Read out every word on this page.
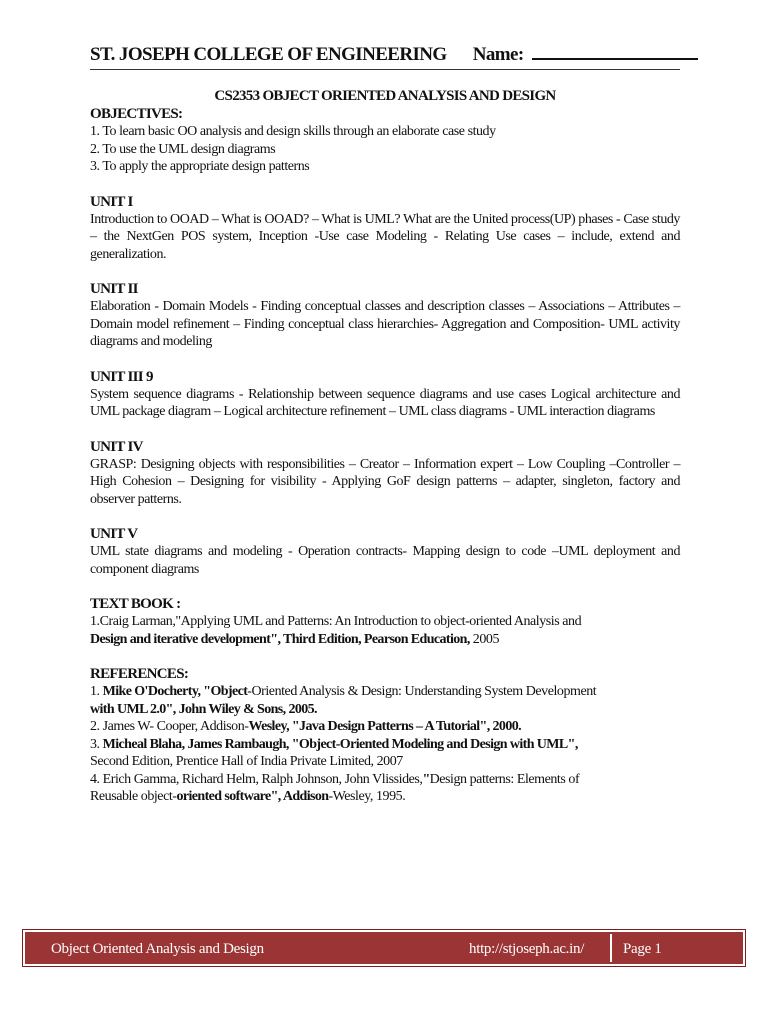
ST. JOSEPH COLLEGE OF ENGINEERING Name:
CS2353 OBJECT ORIENTED ANALYSIS AND DESIGN
OBJECTIVES:
1. To learn basic OO analysis and design skills through an elaborate case study
2. To use the UML design diagrams
3. To apply the appropriate design patterns
UNIT I
Introduction to OOAD – What is OOAD? – What is UML? What are the United process(UP) phases - Case study – the NextGen POS system, Inception -Use case Modeling - Relating Use cases – include, extend and generalization.
UNIT II
Elaboration - Domain Models - Finding conceptual classes and description classes – Associations – Attributes – Domain model refinement – Finding conceptual class hierarchies- Aggregation and Composition- UML activity diagrams and modeling
UNIT III 9
System sequence diagrams - Relationship between sequence diagrams and use cases Logical architecture and UML package diagram – Logical architecture refinement – UML class diagrams - UML interaction diagrams
UNIT IV
GRASP: Designing objects with responsibilities – Creator – Information expert – Low Coupling –Controller – High Cohesion – Designing for visibility - Applying GoF design patterns – adapter, singleton, factory and observer patterns.
UNIT V
UML state diagrams and modeling - Operation contracts- Mapping design to code –UML deployment and component diagrams
TEXT BOOK :
1.Craig Larman,"Applying UML and Patterns: An Introduction to object-oriented Analysis and
Design and iterative development", Third Edition, Pearson Education, 2005
REFERENCES:
1. Mike O'Docherty, "Object-Oriented Analysis & Design: Understanding System Development
with UML 2.0", John Wiley & Sons, 2005.
2. James W- Cooper, Addison-Wesley, "Java Design Patterns – A Tutorial", 2000.
3. Micheal Blaha, James Rambaugh, "Object-Oriented Modeling and Design with UML",
Second Edition, Prentice Hall of India Private Limited, 2007
4. Erich Gamma, Richard Helm, Ralph Johnson, John Vlissides,"Design patterns: Elements of
Reusable object-oriented software", Addison-Wesley, 1995.
Object Oriented Analysis and Design	http://stjoseph.ac.in/	Page 1
